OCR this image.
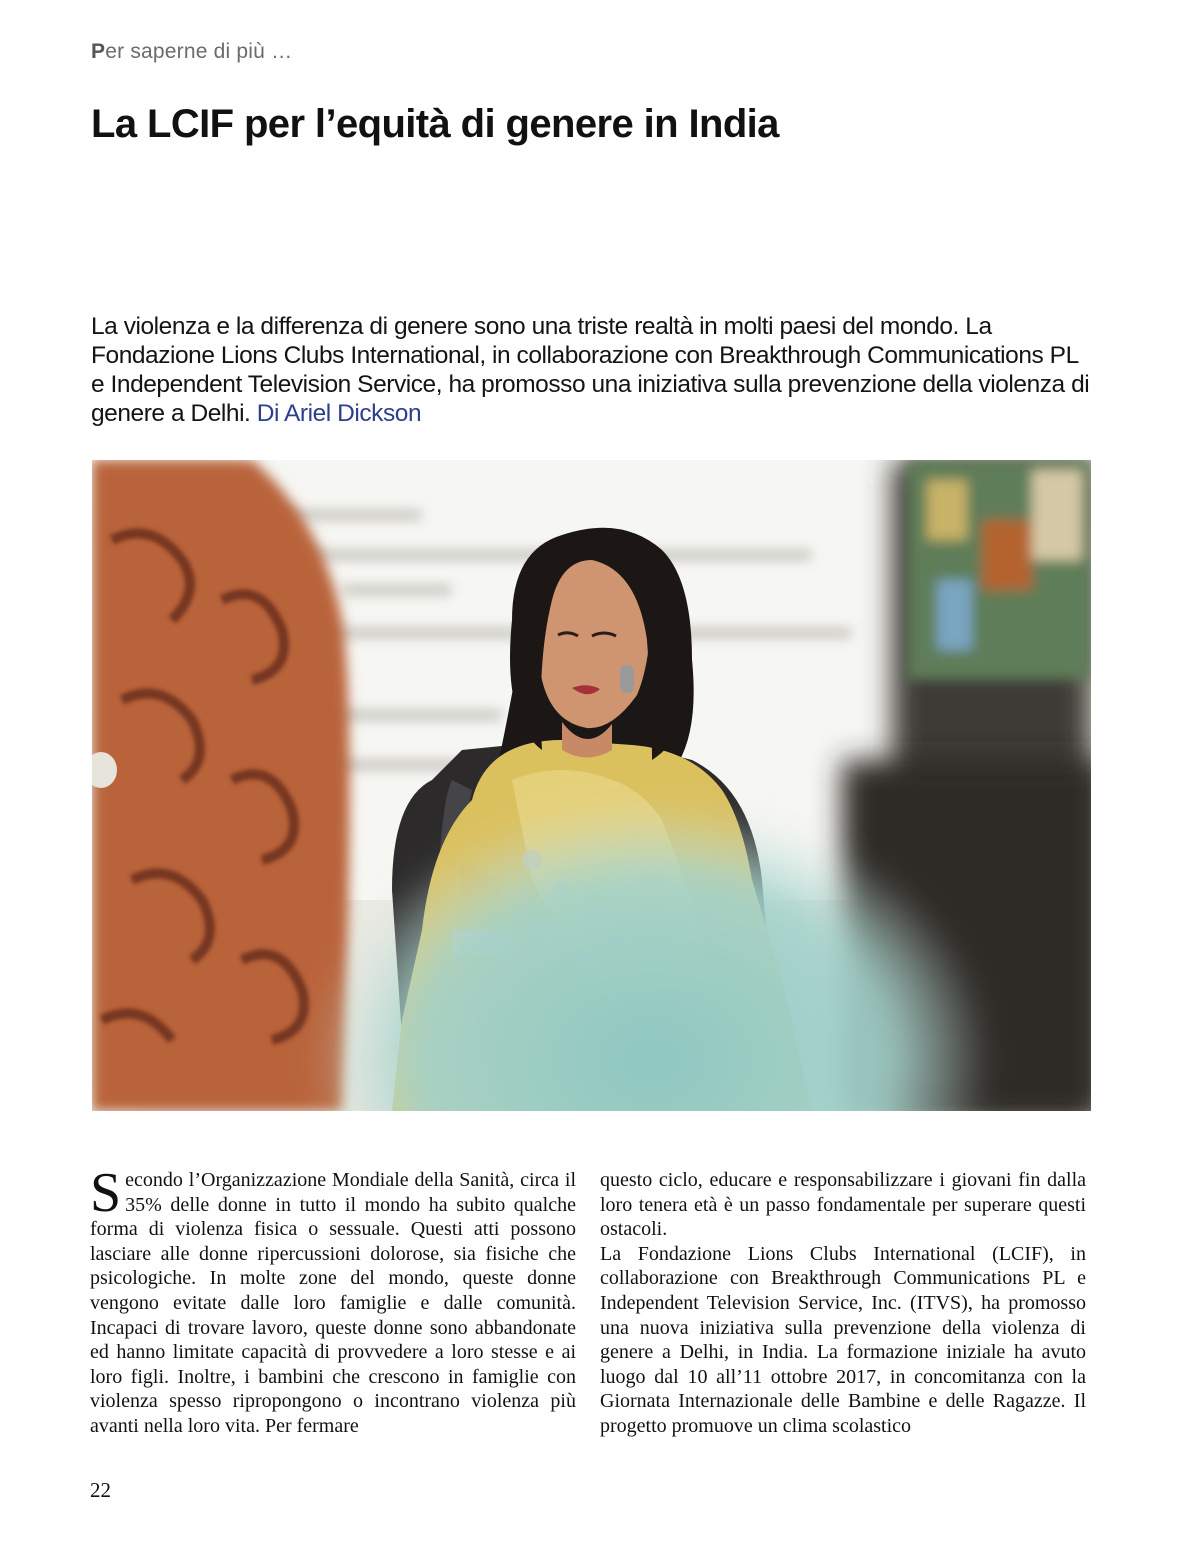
Per saperne di più …
La LCIF per l’equità di genere in India

La violenza e la differenza di genere sono una triste realtà in molti paesi del mondo. La Fondazione Lions Clubs International, in collaborazione con Breakthrough Communications PL e Independent Television Service, ha promosso una iniziativa sulla prevenzione della violenza di genere a Delhi. Di Ariel Dickson

Secondo l’Organizzazione Mondiale della Sanità, circa il 35% delle donne in tutto il mondo ha subito qualche forma di violenza fisica o sessuale. Questi atti possono lasciare alle donne ripercussioni dolorose, sia fisiche che psicologiche. In molte zone del mondo, queste donne vengono evitate dalle loro famiglie e dalle comunità. Incapaci di trovare lavoro, queste donne sono abbandonate ed hanno limitate capacità di provvedere a loro stesse e ai loro figli. Inoltre, i bambini che crescono in famiglie con violenza spesso ripropongono o incontrano violenza più avanti nella loro vita. Per fermare

questo ciclo, educare e responsabilizzare i giovani fin dalla loro tenera età è un passo fondamentale per superare questi ostacoli.

La Fondazione Lions Clubs International (LCIF), in collaborazione con Breakthrough Communications PL e Independent Television Service, Inc. (ITVS), ha promosso una nuova iniziativa sulla prevenzione della violenza di genere a Delhi, in India. La formazione iniziale ha avuto luogo dal 10 all’11 ottobre 2017, in concomitanza con la Giornata Internazionale delle Bambine e delle Ragazze. Il progetto promuove un clima scolastico

22
